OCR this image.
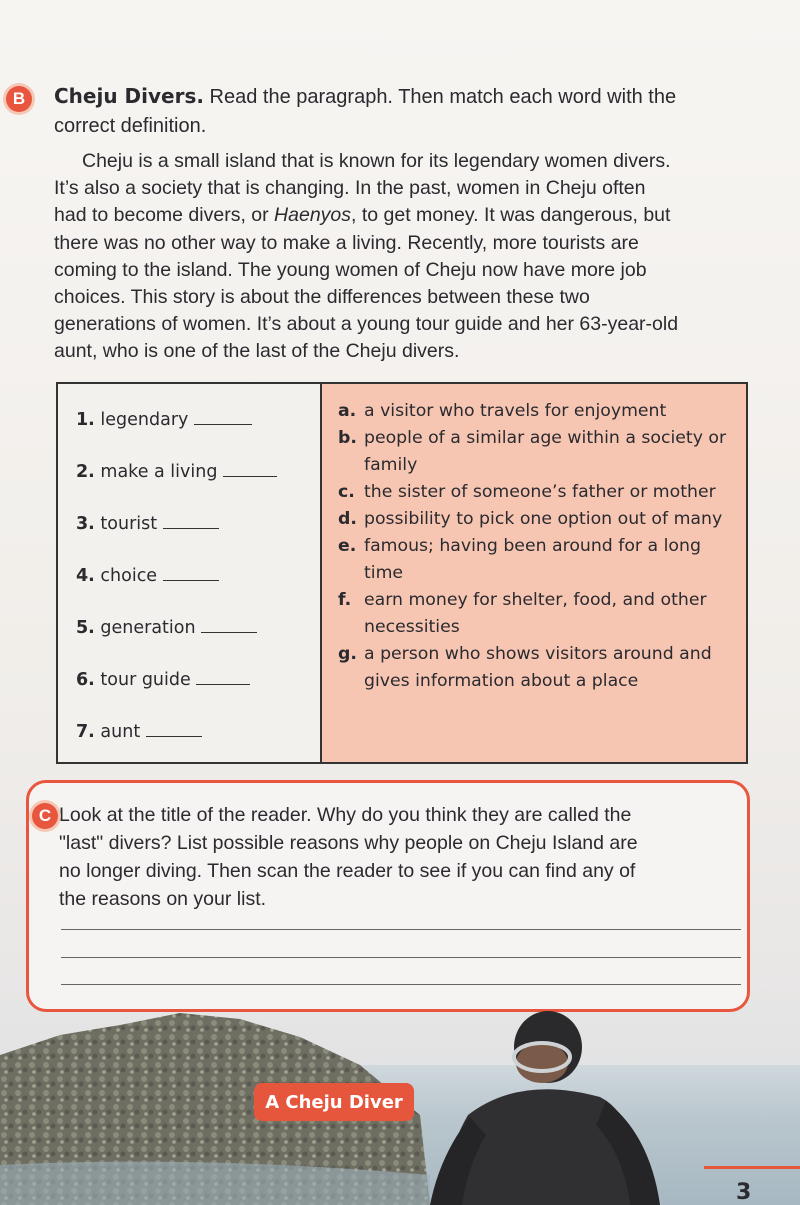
B	Cheju Divers. Read the paragraph. Then match each word with the
correct definition.
Cheju is a small island that is known for its legendary women divers.
It’s also a society that is changing. In the past, women in Cheju often
had to become divers, or Haenyos, to get money. It was dangerous, but
there was no other way to make a living. Recently, more tourists are
coming to the island. The young women of Cheju now have more job
choices. This story is about the differences between these two
generations of women. It’s about a young tour guide and her 63-year-old
aunt, who is one of the last of the Cheju divers.
1. legendary
2. make a living
3. tourist
4. choice
5. generation
6. tour guide
7. aunt
a. a visitor who travels for enjoyment
b. people of a similar age within a society or family
c. the sister of someone’s father or mother
d. possibility to pick one option out of many
e. famous; having been around for a long time
f. earn money for shelter, food, and other necessities
g. a person who shows visitors around and gives information about a place
Look at the title of the reader. Why do you think they are called the
"last" divers? List possible reasons why people on Cheju Island are
no longer diving. Then scan the reader to see if you can find any of
the reasons on your list.
C
A Cheju Diver
3
